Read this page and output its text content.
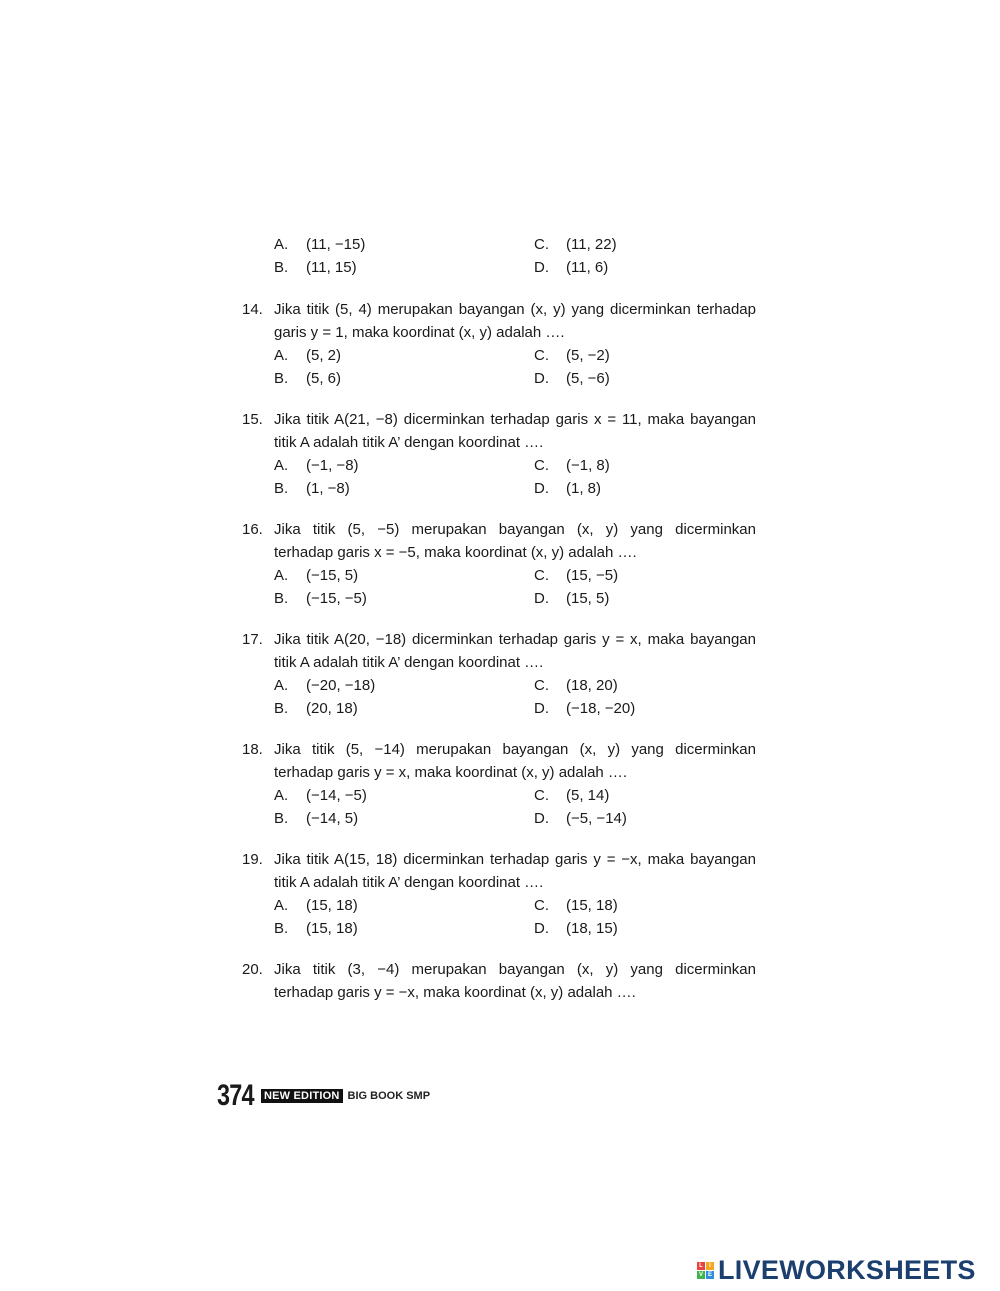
A.	(11, −15)	C.	(11, 22)
B.	(11, 15)	D.	(11, 6)
14. Jika titik (5, 4) merupakan bayangan (x, y) yang dicerminkan terhadap
garis y = 1, maka koordinat (x, y) adalah ….
A.	(5, 2)	C.	(5, −2)
B.	(5, 6)	D.	(5, −6)
15. Jika titik A(21, −8) dicerminkan terhadap garis x = 11, maka bayangan
titik A adalah titik A’ dengan koordinat ….
A.	(−1, −8)	C.	(−1, 8)
B.	(1, −8)	D.	(1, 8)
16. Jika titik (5, −5) merupakan bayangan (x, y) yang dicerminkan
terhadap garis x = −5, maka koordinat (x, y) adalah ….
A.	(−15, 5)	C.	(15, −5)
B.	(−15, −5)	D.	(15, 5)
17. Jika titik A(20, −18) dicerminkan terhadap garis y = x, maka bayangan
titik A adalah titik A’ dengan koordinat ….
A.	(−20, −18)	C.	(18, 20)
B.	(20, 18)	D.	(−18, −20)
18. Jika titik (5, −14) merupakan bayangan (x, y) yang dicerminkan
terhadap garis y = x, maka koordinat (x, y) adalah ….
A.	(−14, −5)	C.	(5, 14)
B.	(−14, 5)	D.	(−5, −14)
19. Jika titik A(15, 18) dicerminkan terhadap garis y = −x, maka bayangan
titik A adalah titik A’ dengan koordinat ….
A.	(15, 18)	C.	(15, 18)
B.	(15, 18)	D.	(18, 15)
20. Jika titik (3, −4) merupakan bayangan (x, y) yang dicerminkan
terhadap garis y = −x, maka koordinat (x, y) adalah ….
374 NEW EDITION BIG BOOK SMP
L	I
V E LIVEWORKSHEETS
